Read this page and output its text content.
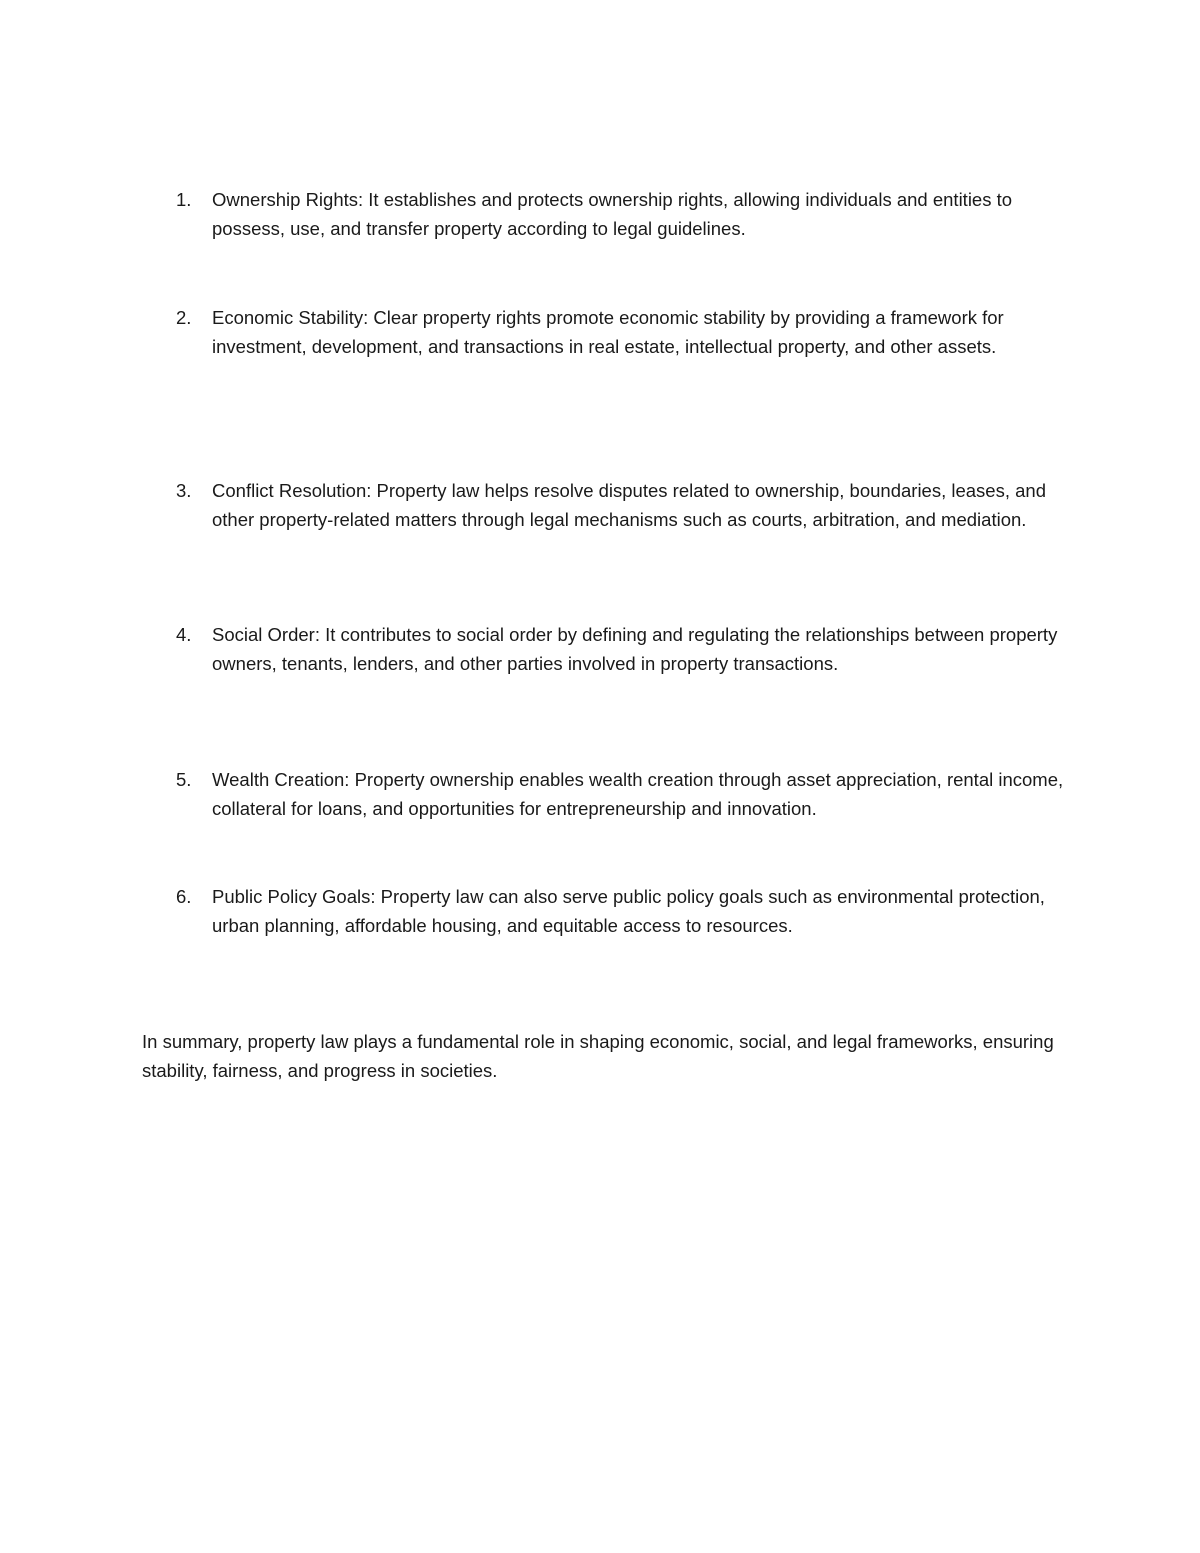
1.	Ownership Rights: It establishes and protects ownership rights, allowing individuals and entities to possess, use, and transfer property according to legal guidelines.
2.	Economic Stability: Clear property rights promote economic stability by providing a framework for investment, development, and transactions in real estate, intellectual property, and other assets.
3.	Conflict Resolution: Property law helps resolve disputes related to ownership, boundaries, leases, and other property-related matters through legal mechanisms such as courts, arbitration, and mediation.
4.	Social Order: It contributes to social order by defining and regulating the relationships between property owners, tenants, lenders, and other parties involved in property transactions.
5.	Wealth Creation: Property ownership enables wealth creation through asset appreciation, rental income, collateral for loans, and opportunities for entrepreneurship and innovation.
6.	Public Policy Goals: Property law can also serve public policy goals such as environmental protection, urban planning, affordable housing, and equitable access to resources.

In summary, property law plays a fundamental role in shaping economic, social, and legal frameworks, ensuring stability, fairness, and progress in societies.
